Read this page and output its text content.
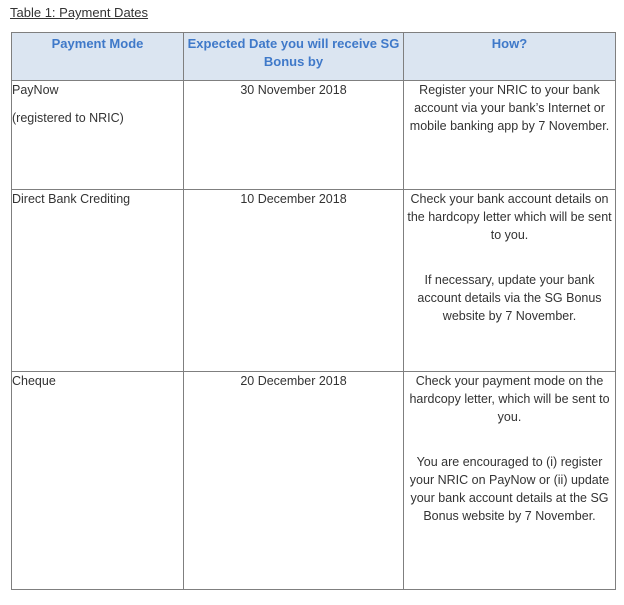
Table 1: Payment Dates
Payment Mode	Expected Date you will receive SG Bonus by	How?
PayNow
(registered to NRIC)	30 November 2018	Register your NRIC to your bank account via your bank’s Internet or mobile banking app by 7 November.

Direct Bank Crediting	10 December 2018	Check your bank account details on the hardcopy letter which will be sent to you.
If necessary, update your bank account details via the SG Bonus website by 7 November.

Cheque	20 December 2018	Check your payment mode on the hardcopy letter, which will be sent to you.
You are encouraged to (i) register your NRIC on PayNow or (ii) update your bank account details at the SG Bonus website by 7 November.
